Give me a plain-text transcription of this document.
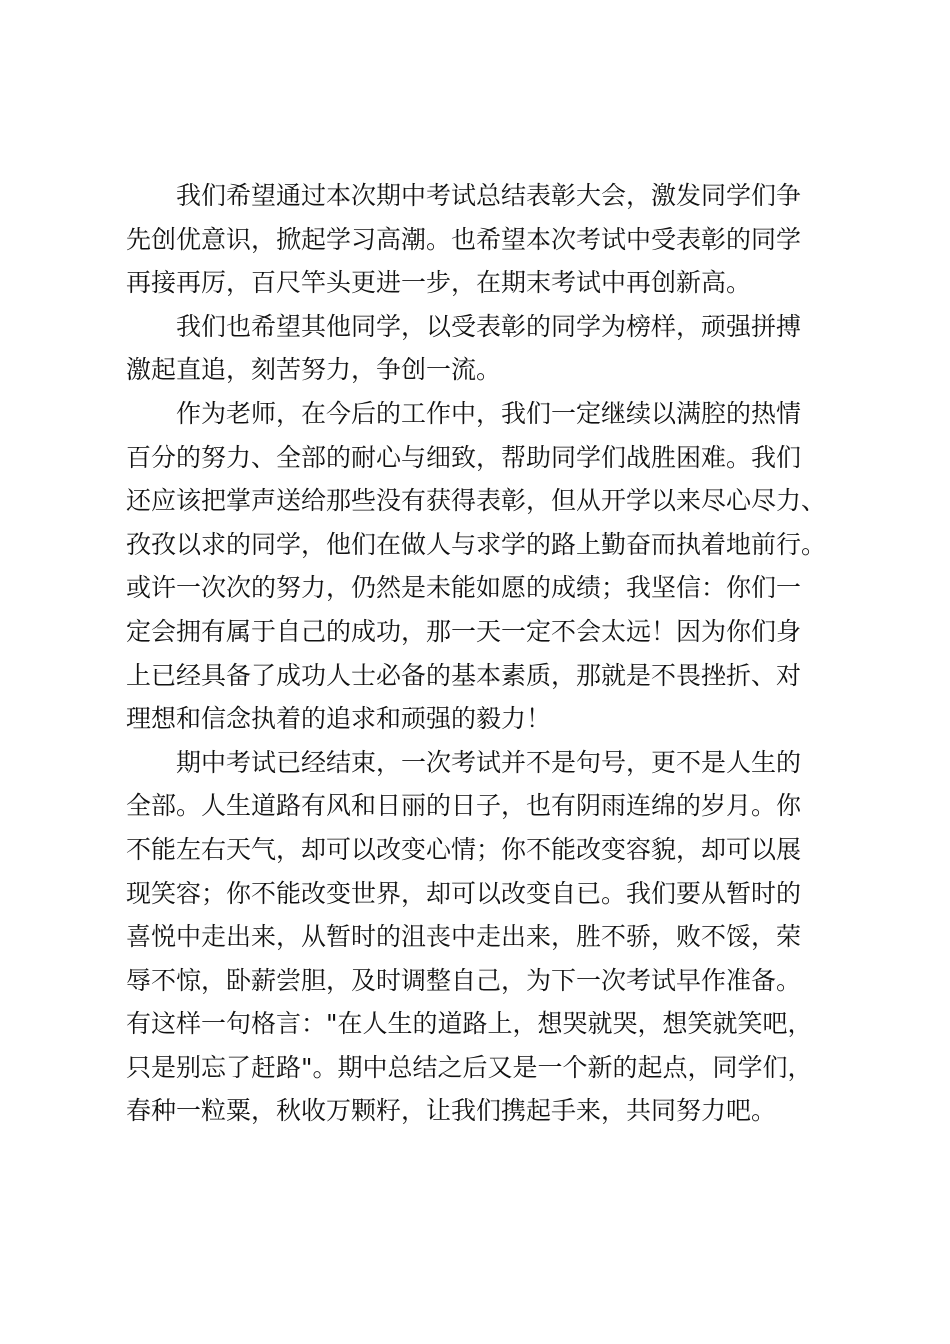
我们希望通过本次期中考试总结表彰大会，激发同学们争
先创优意识，掀起学习高潮。也希望本次考试中受表彰的同学
再接再厉，百尺竿头更进一步，在期末考试中再创新高。

我们也希望其他同学，以受表彰的同学为榜样，顽强拼搏
激起直追，刻苦努力，争创一流。

作为老师，在今后的工作中，我们一定继续以满腔的热情
百分的努力、全部的耐心与细致，帮助同学们战胜困难。我们
还应该把掌声送给那些没有获得表彰，但从开学以来尽心尽力、
孜孜以求的同学，他们在做人与求学的路上勤奋而执着地前行。
或许一次次的努力，仍然是未能如愿的成绩；我坚信：你们一
定会拥有属于自己的成功，那一天一定不会太远！因为你们身
上已经具备了成功人士必备的基本素质，那就是不畏挫折、对
理想和信念执着的追求和顽强的毅力！

期中考试已经结束，一次考试并不是句号，更不是人生的
全部。人生道路有风和日丽的日子，也有阴雨连绵的岁月。你
不能左右天气，却可以改变心情；你不能改变容貌，却可以展
现笑容；你不能改变世界，却可以改变自已。我们要从暂时的
喜悦中走出来，从暂时的沮丧中走出来，胜不骄，败不馁，荣
辱不惊，卧薪尝胆，及时调整自己，为下一次考试早作准备。
有这样一句格言："在人生的道路上，想哭就哭，想笑就笑吧，
只是别忘了赶路"。期中总结之后又是一个新的起点，同学们，
春种一粒粟，秋收万颗籽，让我们携起手来，共同努力吧。
